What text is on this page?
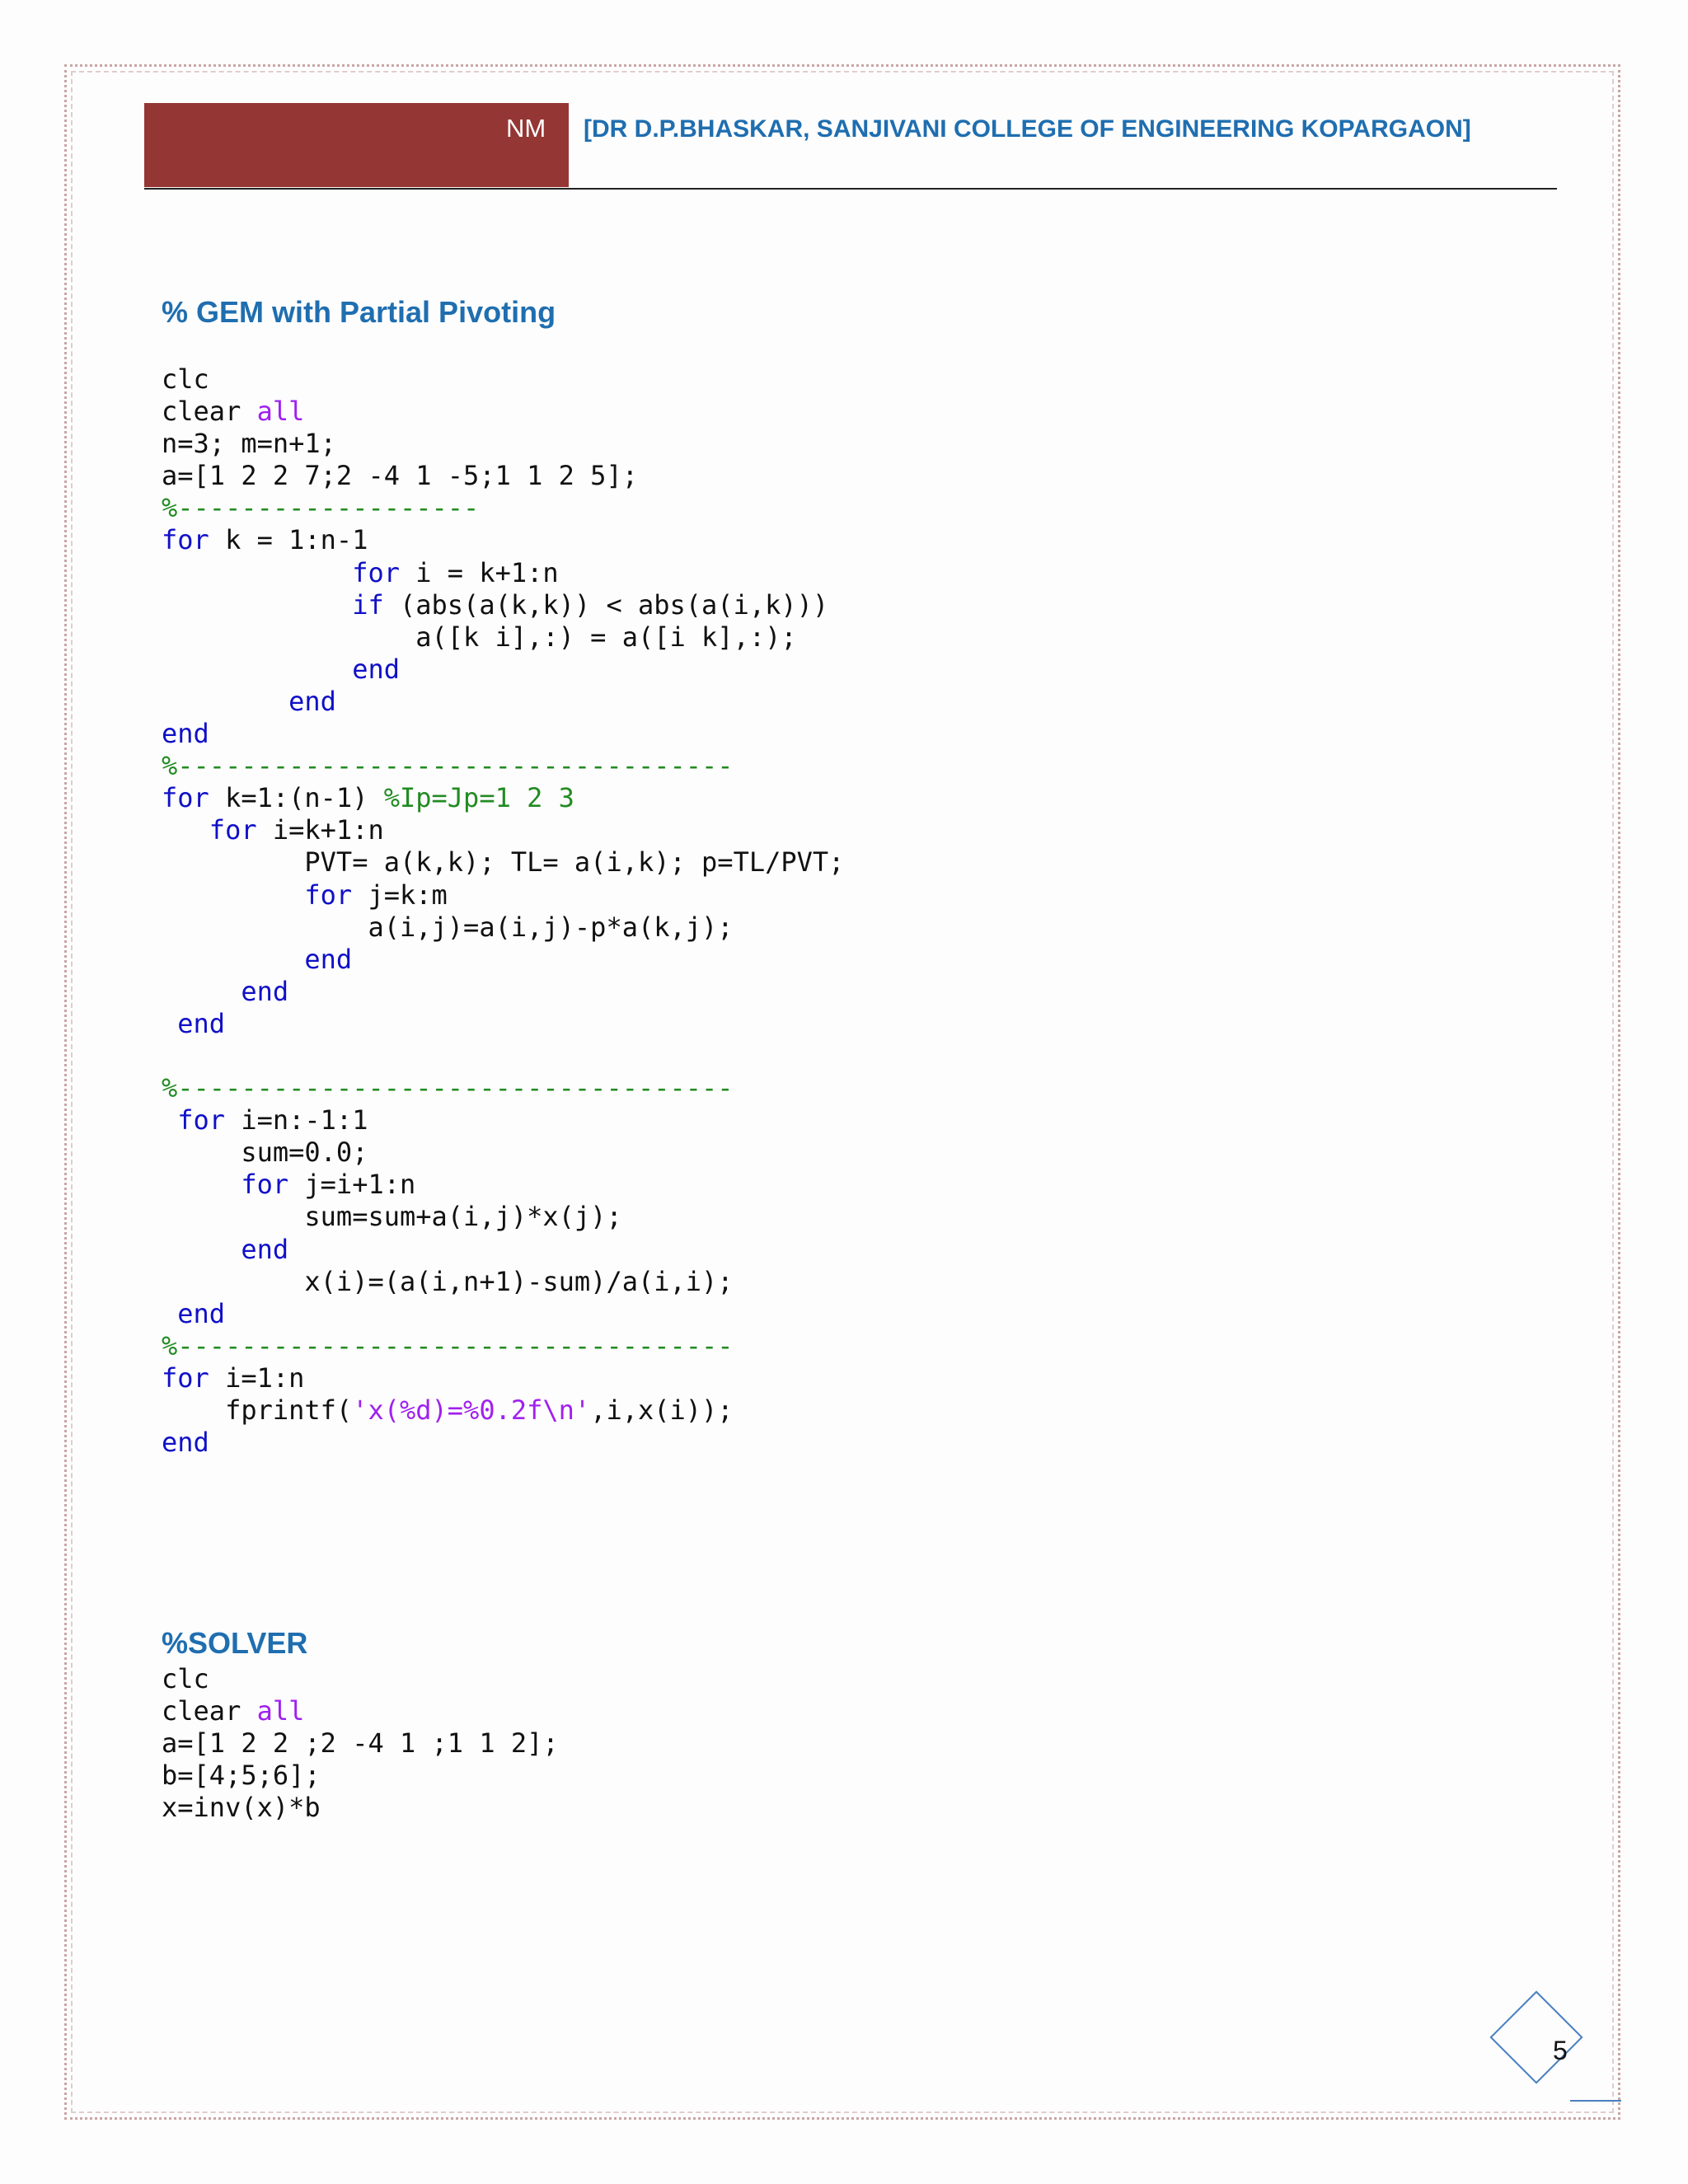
NM [DR D.P.BHASKAR, SANJIVANI COLLEGE OF ENGINEERING KOPARGAON]
% GEM with Partial Pivoting
clc
clear all
n=3; m=n+1;
a=[1 2 2 7;2 -4 1 -5;1 1 2 5];
%-------------------
for k = 1:n-1
for i = k+1:n
if (abs(a(k,k)) < abs(a(i,k)))
a([k i],:) = a([i k],:);
end
end
end
%-----------------------------------
for k=1:(n-1) %Ip=Jp=1 2 3
for i=k+1:n
PVT= a(k,k); TL= a(i,k); p=TL/PVT;
for j=k:m
a(i,j)=a(i,j)-p*a(k,j);
end
end
end
%-----------------------------------
for i=n:-1:1
sum=0.0;
for j=i+1:n
sum=sum+a(i,j)*x(j);
end
x(i)=(a(i,n+1)-sum)/a(i,i);
end
%-----------------------------------
for i=1:n
fprintf('x(%d)=%0.2f\n',i,x(i));
end
%SOLVER
clc
clear all
a=[1 2 2 ;2 -4 1 ;1 1 2];
b=[4;5;6];
x=inv(x)*b
5
